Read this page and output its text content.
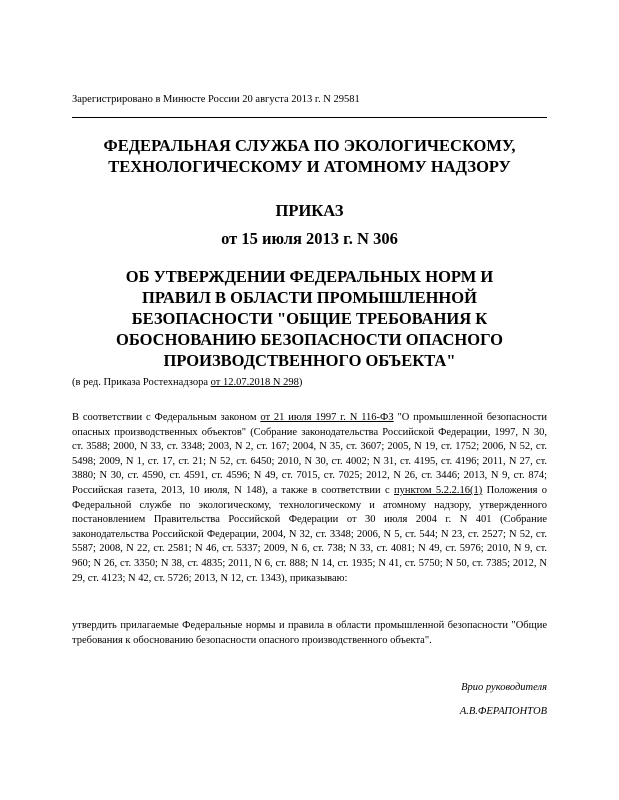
Зарегистрировано в Минюсте России 20 августа 2013 г. N 29581
ФЕДЕРАЛЬНАЯ СЛУЖБА ПО ЭКОЛОГИЧЕСКОМУ,
ТЕХНОЛОГИЧЕСКОМУ И АТОМНОМУ НАДЗОРУ
ПРИКАЗ
от 15 июля 2013 г. N 306
ОБ УТВЕРЖДЕНИИ ФЕДЕРАЛЬНЫХ НОРМ И
ПРАВИЛ В ОБЛАСТИ ПРОМЫШЛЕННОЙ
БЕЗОПАСНОСТИ "ОБЩИЕ ТРЕБОВАНИЯ К
ОБОСНОВАНИЮ БЕЗОПАСНОСТИ ОПАСНОГО
ПРОИЗВОДСТВЕННОГО ОБЪЕКТА"
(в ред. Приказа Ростехнадзора от 12.07.2018 N 298)
В соответствии с Федеральным законом от 21 июля 1997 г. N 116-ФЗ "О промышленной безопасности опасных производственных объектов" (Собрание законодательства Российской Федерации, 1997, N 30, ст. 3588; 2000, N 33, ст. 3348; 2003, N 2, ст. 167; 2004, N 35, ст. 3607; 2005, N 19, ст. 1752; 2006, N 52, ст. 5498; 2009, N 1, ст. 17, ст. 21; N 52, ст. 6450; 2010, N 30, ст. 4002; N 31, ст. 4195, ст. 4196; 2011, N 27, ст. 3880; N 30, ст. 4590, ст. 4591, ст. 4596; N 49, ст. 7015, ст. 7025; 2012, N 26, ст. 3446; 2013, N 9, ст. 874; Российская газета, 2013, 10 июля, N 148), а также в соответствии с пунктом 5.2.2.16(1) Положения о Федеральной службе по экологическому, технологическому и атомному надзору, утвержденного постановлением Правительства Российской Федерации от 30 июля 2004 г. N 401 (Собрание законодательства Российской Федерации, 2004, N 32, ст. 3348; 2006, N 5, ст. 544; N 23, ст. 2527; N 52, ст. 5587; 2008, N 22, ст. 2581; N 46, ст. 5337; 2009, N 6, ст. 738; N 33, ст. 4081; N 49, ст. 5976; 2010, N 9, ст. 960; N 26, ст. 3350; N 38, ст. 4835; 2011, N 6, ст. 888; N 14, ст. 1935; N 41, ст. 5750; N 50, ст. 7385; 2012, N 29, ст. 4123; N 42, ст. 5726; 2013, N 12, ст. 1343), приказываю:
утвердить прилагаемые Федеральные нормы и правила в области промышленной безопасности "Общие требования к обоснованию безопасности опасного производственного объекта".
Врио руководителя
А.В.ФЕРАПОНТОВ
